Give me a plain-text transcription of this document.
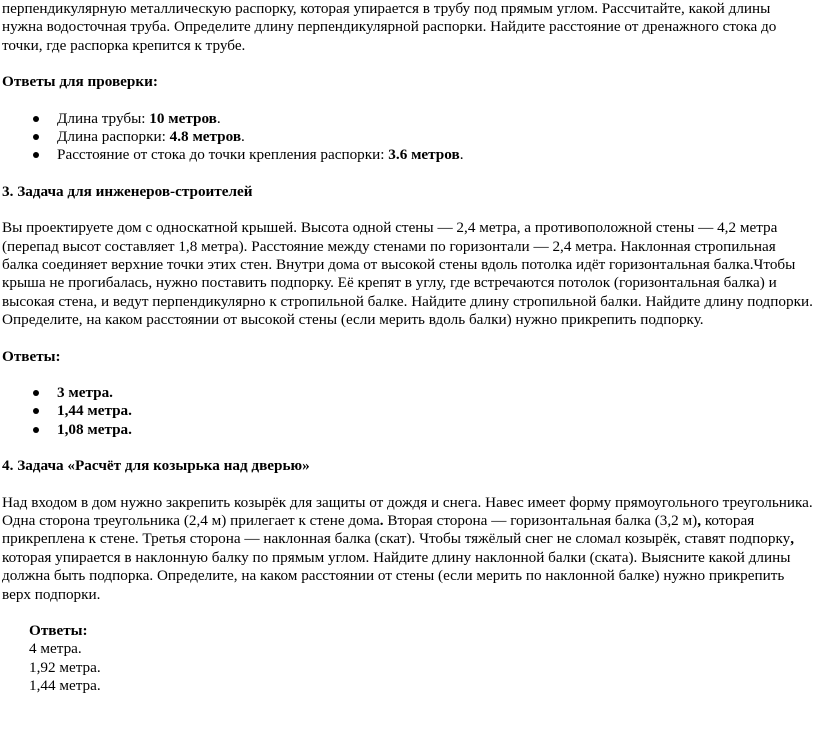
перпендикулярную металлическую распорку, которая упирается в трубу под прямым углом. Рассчитайте, какой длины нужна водосточная труба. Определите длину перпендикулярной распорки. Найдите расстояние от дренажного стока до точки, где распорка крепится к трубе.

Ответы для проверки:

Длина трубы: 10 метров.
Длина распорки: 4.8 метров.
Расстояние от стока до точки крепления распорки: 3.6 метров.

3. Задача для инженеров-строителей

Вы проектируете дом с односкатной крышей. Высота одной стены — 2,4 метра, а противоположной стены — 4,2 метра (перепад высот составляет 1,8 метра). Расстояние между стенами по горизонтали — 2,4 метра. Наклонная стропильная балка соединяет верхние точки этих стен. Внутри дома от высокой стены вдоль потолка идёт горизонтальная балка.Чтобы крыша не прогибалась, нужно поставить подпорку. Её крепят в углу, где встречаются потолок (горизонтальная балка) и высокая стена, и ведут перпендикулярно к стропильной балке. Найдите длину стропильной балки. Найдите длину подпорки. Определите, на каком расстоянии от высокой стены (если мерить вдоль балки) нужно прикрепить подпорку.

Ответы:

3 метра.
1,44 метра.
1,08 метра.

4. Задача «Расчёт для козырька над дверью»

Над входом в дом нужно закрепить козырёк для защиты от дождя и снега. Навес имеет форму прямоугольного треугольника. Одна сторона треугольника (2,4 м) прилегает к стене дома. Вторая сторона — горизонтальная балка (3,2 м), которая прикреплена к стене. Третья сторона — наклонная балка (скат). Чтобы тяжёлый снег не сломал козырёк, ставят подпорку, которая упирается в наклонную балку по прямым углом. Найдите длину наклонной балки (ската). Выясните какой длины должна быть подпорка. Определите, на каком расстоянии от стены (если мерить по наклонной балке) нужно прикрепить верх подпорки.

Ответы:

4 метра.

1,92 метра.

1,44 метра.
